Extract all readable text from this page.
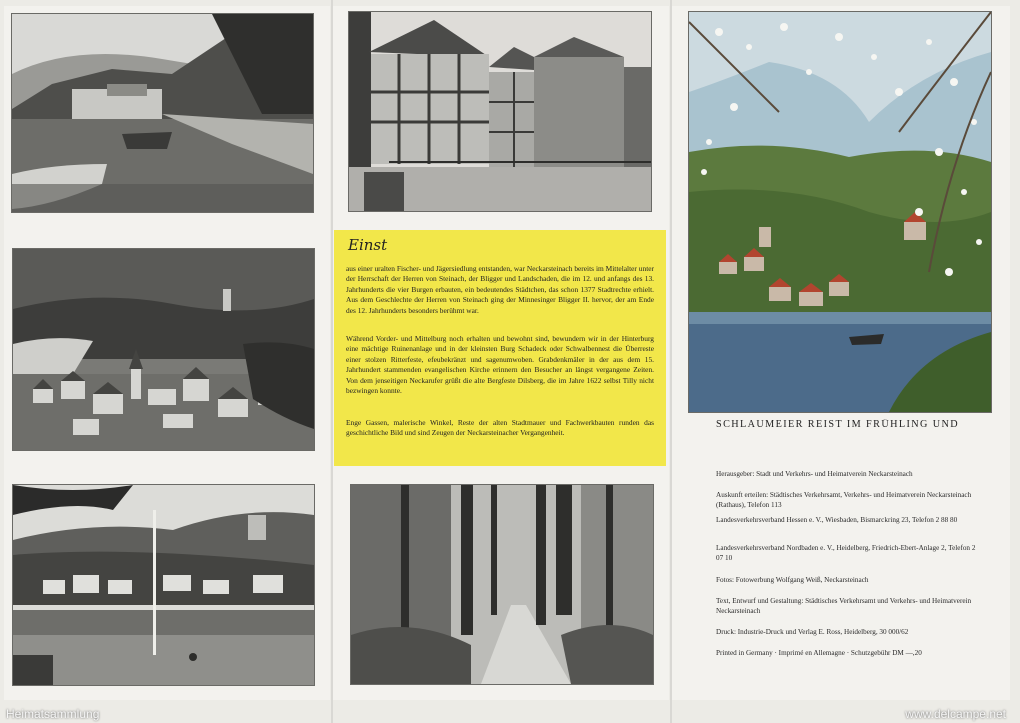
Einst
aus einer uralten Fischer- und Jägersiedlung entstanden, war Neckarsteinach bereits im Mittelalter unter der Herrschaft der Herren von Steinach, der Bligger und Landschaden, die im 12. und anfangs des 13. Jahrhunderts die vier Burgen erbauten, ein bedeutendes Städtchen, das schon 1377 Stadtrechte erhielt. Aus dem Geschlechte der Herren von Steinach ging der Minnesinger Bligger II. hervor, der am Ende des 12. Jahrhunderts besonders berühmt war.
Während Vorder- und Mittelburg noch erhalten und bewohnt sind, bewundern wir in der Hinterburg eine mächtige Ruinenanlage und in der kleinsten Burg Schadeck oder Schwalbennest die Überreste einer stolzen Ritterfeste, efeubekränzt und sagenumwoben. Grabdenkmäler in der aus dem 15. Jahrhundert stammenden evangelischen Kirche erinnern den Besucher an längst vergangene Zeiten. Von dem jenseitigen Neckarufer grüßt die alte Bergfeste Dilsberg, die im Jahre 1622 selbst Tilly nicht bezwingen konnte.
Enge Gassen, malerische Winkel, Reste der alten Stadtmauer und Fachwerkbauten runden das geschichtliche Bild und sind Zeugen der Neckarsteinacher Vergangenheit.
SCHLAUMEIER REIST IM FRÜHLING UND
Herausgeber: Stadt und Verkehrs- und Heimatverein Neckarsteinach
Auskunft erteilen: Städtisches Verkehrsamt, Verkehrs- und Heimatverein Neckarsteinach (Rathaus), Telefon 113
Landesverkehrsverband Hessen e. V., Wiesbaden, Bismarckring 23, Telefon 2 88 80
Landesverkehrsverband Nordbaden e. V., Heidelberg, Friedrich-Ebert-Anlage 2, Telefon 2 07 10
Fotos: Fotowerbung Wolfgang Weiß, Neckarsteinach
Text, Entwurf und Gestaltung: Städtisches Verkehrsamt und Verkehrs- und Heimatverein Neckarsteinach
Druck: Industrie-Druck und Verlag E. Ross, Heidelberg, 30 000/62
Printed in Germany · Imprimé en Allemagne · Schutzgebühr DM —,20
Heimatsammlung	www.delcampe.net
